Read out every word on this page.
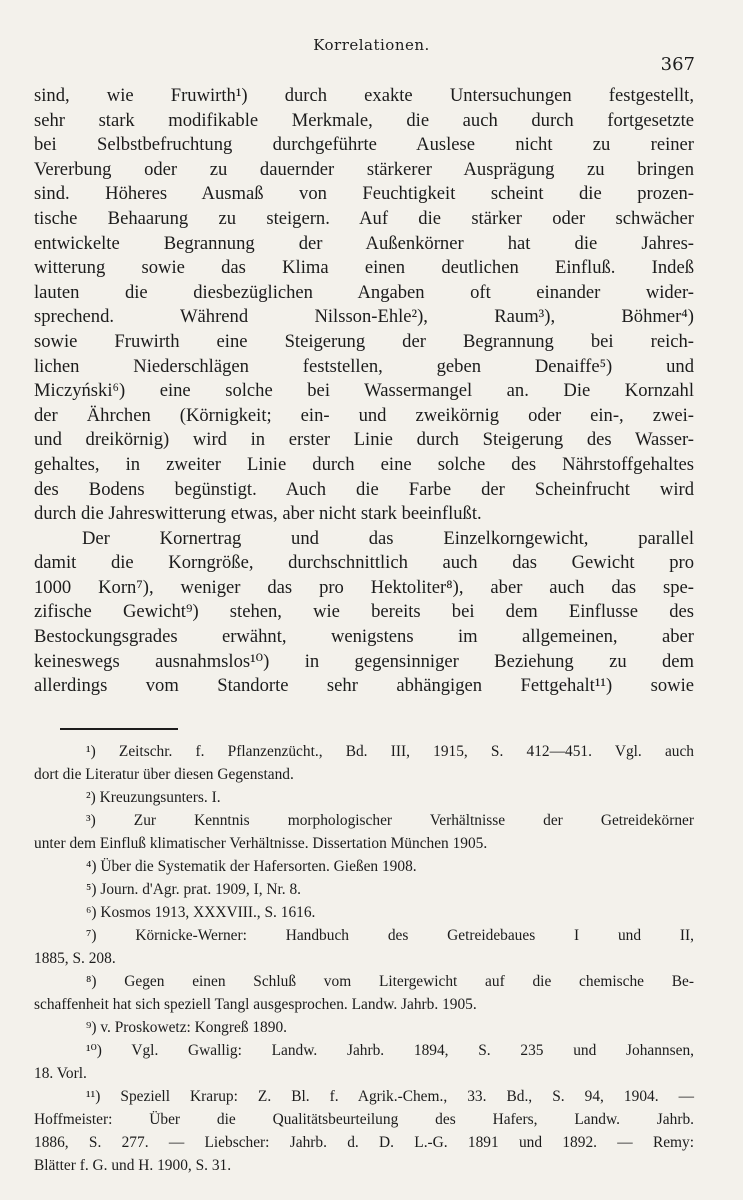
Korrelationen.
367
sind, wie Fruwirth¹) durch exakte Untersuchungen festgestellt,
sehr stark modifikable Merkmale, die auch durch fortgesetzte
bei Selbstbefruchtung durchgeführte Auslese nicht zu reiner
Vererbung oder zu dauernder stärkerer Ausprägung zu bringen
sind. Höheres Ausmaß von Feuchtigkeit scheint die prozen-
tische Behaarung zu steigern. Auf die stärker oder schwächer
entwickelte Begrannung der Außenkörner hat die Jahres-
witterung sowie das Klima einen deutlichen Einfluß. Indeß
lauten die diesbezüglichen Angaben oft einander wider-
sprechend. Während Nilsson-Ehle²), Raum³), Böhmer⁴)
sowie Fruwirth eine Steigerung der Begrannung bei reich-
lichen Niederschlägen feststellen, geben Denaiffe⁵) und
Miczyński⁶) eine solche bei Wassermangel an. Die Kornzahl
der Ährchen (Körnigkeit; ein- und zweikörnig oder ein-, zwei-
und dreikörnig) wird in erster Linie durch Steigerung des Wasser-
gehaltes, in zweiter Linie durch eine solche des Nährstoffgehaltes
des Bodens begünstigt. Auch die Farbe der Scheinfrucht wird
durch die Jahreswitterung etwas, aber nicht stark beeinflußt.
Der Kornertrag und das Einzelkorngewicht, parallel
damit die Korngröße, durchschnittlich auch das Gewicht pro
1000 Korn⁷), weniger das pro Hektoliter⁸), aber auch das spe-
zifische Gewicht⁹) stehen, wie bereits bei dem Einflusse des
Bestockungsgrades erwähnt, wenigstens im allgemeinen, aber
keineswegs ausnahmslos¹⁰) in gegensinniger Beziehung zu dem
allerdings vom Standorte sehr abhängigen Fettgehalt¹¹) sowie
¹) Zeitschr. f. Pflanzenzücht., Bd. III, 1915, S. 412—451. Vgl. auch
dort die Literatur über diesen Gegenstand.
²) Kreuzungsunters. I.
³) Zur Kenntnis morphologischer Verhältnisse der Getreidekörner
unter dem Einfluß klimatischer Verhältnisse. Dissertation München 1905.
⁴) Über die Systematik der Hafersorten. Gießen 1908.
⁵) Journ. d'Agr. prat. 1909, I, Nr. 8.
⁶) Kosmos 1913, XXXVIII., S. 1616.
⁷) Körnicke-Werner: Handbuch des Getreidebaues I und II,
1885, S. 208.
⁸) Gegen einen Schluß vom Litergewicht auf die chemische Be-
schaffenheit hat sich speziell Tangl ausgesprochen. Landw. Jahrb. 1905.
⁹) v. Proskowetz: Kongreß 1890.
¹⁰) Vgl. Gwallig: Landw. Jahrb. 1894, S. 235 und Johannsen,
18. Vorl.
¹¹) Speziell Krarup: Z. Bl. f. Agrik.-Chem., 33. Bd., S. 94, 1904. —
Hoffmeister: Über die Qualitätsbeurteilung des Hafers, Landw. Jahrb.
1886, S. 277. — Liebscher: Jahrb. d. D. L.-G. 1891 und 1892. — Remy:
Blätter f. G. und H. 1900, S. 31.
